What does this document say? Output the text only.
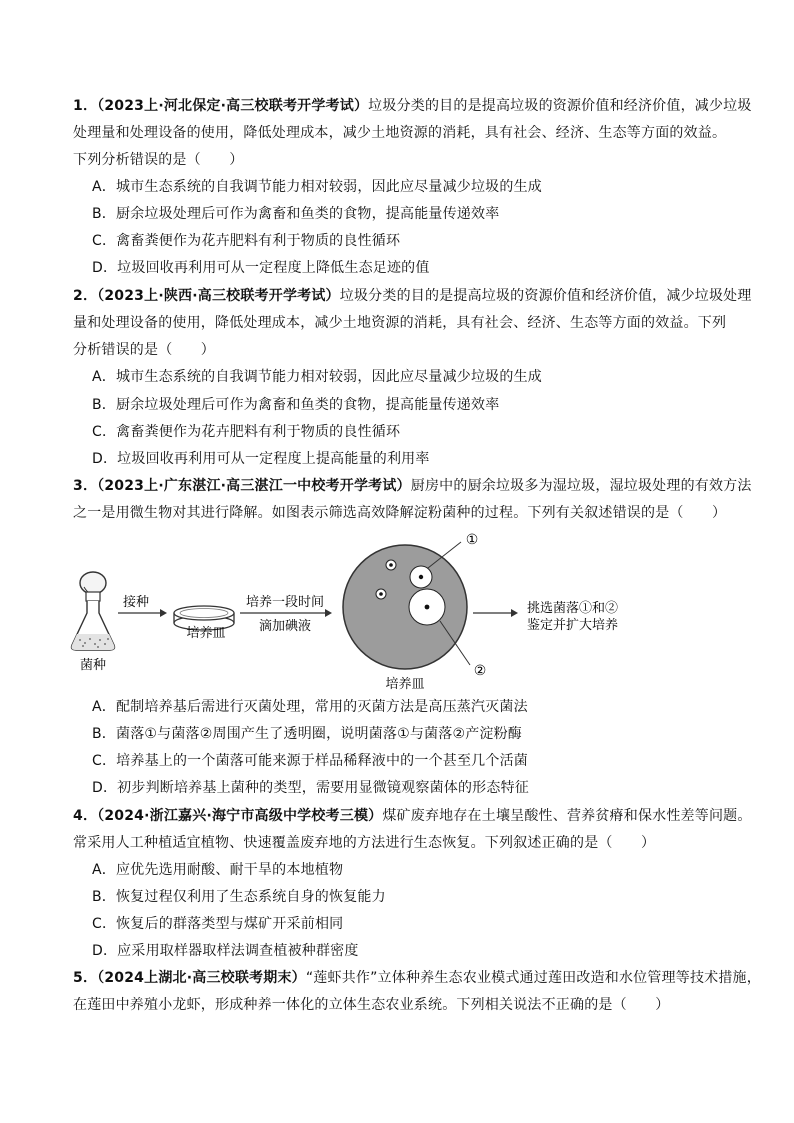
1．（2023上·河北保定·高三校联考开学考试）垃圾分类的目的是提高垃圾的资源价值和经济价值，减少垃圾
处理量和处理设备的使用，降低处理成本，减少土地资源的消耗，具有社会、经济、生态等方面的效益。
下列分析错误的是（　　）
A．城市生态系统的自我调节能力相对较弱，因此应尽量减少垃圾的生成
B．厨余垃圾处理后可作为禽畜和鱼类的食物，提高能量传递效率
C．禽畜粪便作为花卉肥料有利于物质的良性循环
D．垃圾回收再利用可从一定程度上降低生态足迹的值
2．（2023上·陕西·高三校联考开学考试）垃圾分类的目的是提高垃圾的资源价值和经济价值，减少垃圾处理
量和处理设备的使用，降低处理成本，减少土地资源的消耗，具有社会、经济、生态等方面的效益。下列
分析错误的是（　　）
A．城市生态系统的自我调节能力相对较弱，因此应尽量减少垃圾的生成
B．厨余垃圾处理后可作为禽畜和鱼类的食物，提高能量传递效率
C．禽畜粪便作为花卉肥料有利于物质的良性循环
D．垃圾回收再利用可从一定程度上提高能量的利用率
3．（2023上·广东湛江·高三湛江一中校考开学考试）厨房中的厨余垃圾多为湿垃圾，湿垃圾处理的有效方法
之一是用微生物对其进行降解。如图表示筛选高效降解淀粉菌种的过程。下列有关叙述错误的是（　　）
菌种
接种
培养皿
培养一段时间
滴加碘液
①
②
培养皿
挑选菌落①和②
鉴定并扩大培养
A．配制培养基后需进行灭菌处理，常用的灭菌方法是高压蒸汽灭菌法
B．菌落①与菌落②周围产生了透明圈，说明菌落①与菌落②产淀粉酶
C．培养基上的一个菌落可能来源于样品稀释液中的一个甚至几个活菌
D．初步判断培养基上菌种的类型，需要用显微镜观察菌体的形态特征
4．（2024·浙江嘉兴·海宁市高级中学校考三模）煤矿废弃地存在土壤呈酸性、营养贫瘠和保水性差等问题。
常采用人工种植适宜植物、快速覆盖废弃地的方法进行生态恢复。下列叙述正确的是（　　）
A．应优先选用耐酸、耐干旱的本地植物
B．恢复过程仅利用了生态系统自身的恢复能力
C．恢复后的群落类型与煤矿开采前相同
D．应采用取样器取样法调查植被种群密度
5．（2024上湖北·高三校联考期末）“莲虾共作”立体种养生态农业模式通过莲田改造和水位管理等技术措施，
在莲田中养殖小龙虾，形成种养一体化的立体生态农业系统。下列相关说法不正确的是（　　）
